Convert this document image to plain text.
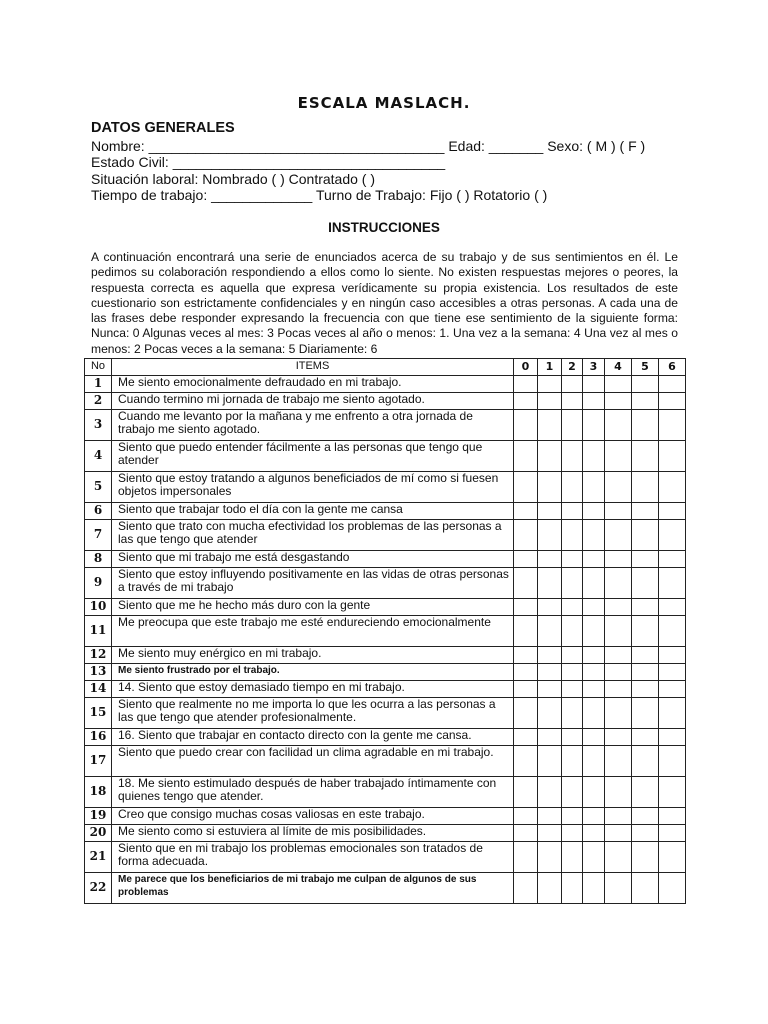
ESCALA MASLACH.
DATOS GENERALES
Nombre: ______________________________________ Edad: _______ Sexo: ( M ) ( F )
Estado Civil: ___________________________________
Situación laboral: Nombrado ( ) Contratado ( )
Tiempo de trabajo: _____________ Turno de Trabajo: Fijo ( ) Rotatorio ( )
INSTRUCCIONES
A continuación encontrará una serie de enunciados acerca de su trabajo y de sus sentimientos en él. Le pedimos su colaboración respondiendo a ellos como lo siente. No existen respuestas mejores o peores, la respuesta correcta es aquella que expresa verídicamente su propia existencia. Los resultados de este cuestionario son estrictamente confidenciales y en ningún caso accesibles a otras personas. A cada una de las frases debe responder expresando la frecuencia con que tiene ese sentimiento de la siguiente forma: Nunca: 0 Algunas veces al mes: 3 Pocas veces al año o menos: 1. Una vez a la semana: 4 Una vez al mes o menos: 2 Pocas veces a la semana: 5 Diariamente: 6
No	ITEMS	0	1	2	3	4	5	6
1	Me siento emocionalmente defraudado en mi trabajo.							
2	Cuando termino mi jornada de trabajo me siento agotado.							
3	Cuando me levanto por la mañana y me enfrento a otra jornada de trabajo me siento agotado.							
4	Siento que puedo entender fácilmente a las personas que tengo que atender							
5	Siento que estoy tratando a algunos beneficiados de mí como si fuesen objetos impersonales							
6	Siento que trabajar todo el día con la gente me cansa							
7	Siento que trato con mucha efectividad los problemas de las personas a las que tengo que atender							
8	Siento que mi trabajo me está desgastando							
9	Siento que estoy influyendo positivamente en las vidas de otras personas a través de mi trabajo							
10	Siento que me he hecho más duro con la gente							
11	Me preocupa que este trabajo me esté endureciendo emocionalmente							
12	Me siento muy enérgico en mi trabajo.							
13	Me siento frustrado por el trabajo.							
14	14. Siento que estoy demasiado tiempo en mi trabajo.							
15	Siento que realmente no me importa lo que les ocurra a las personas a las que tengo que atender profesionalmente.							
16	16. Siento que trabajar en contacto directo con la gente me cansa.							
17	Siento que puedo crear con facilidad un clima agradable en mi trabajo.							
18	18. Me siento estimulado después de haber trabajado íntimamente con quienes tengo que atender.							
19	Creo que consigo muchas cosas valiosas en este trabajo.							
20	Me siento como si estuviera al límite de mis posibilidades.							
21	Siento que en mi trabajo los problemas emocionales son tratados de forma adecuada.							
22	Me parece que los beneficiarios de mi trabajo me culpan de algunos de sus problemas							
